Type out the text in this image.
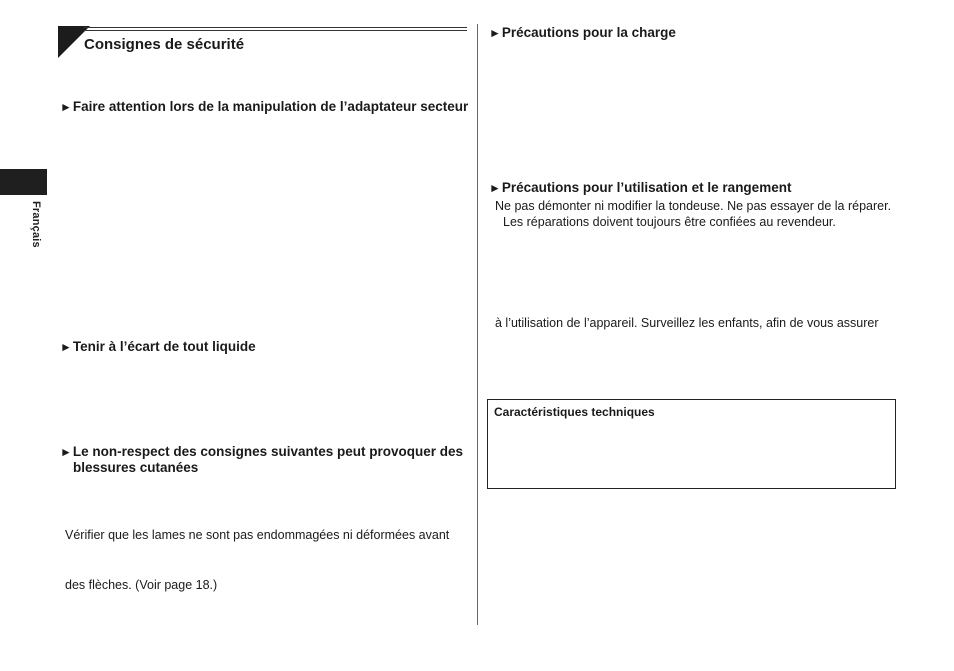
Français
Consignes de sécurité
►Faire attention lors de la manipulation de l’adaptateur secteur
►Tenir à l’écart de tout liquide
►Le non-respect des consignes suivantes peut provoquer des
blessures cutanées
Vérifier que les lames ne sont pas endommagées ni déformées avant
des flèches. (Voir page 18.)
►Précautions pour la charge
►Précautions pour l’utilisation et le rangement
Ne pas démonter ni modifier la tondeuse. Ne pas essayer de la réparer.
Les réparations doivent toujours être confiées au revendeur.
à l’utilisation de l’appareil. Surveillez les enfants, afin de vous assurer
Caractéristiques techniques
